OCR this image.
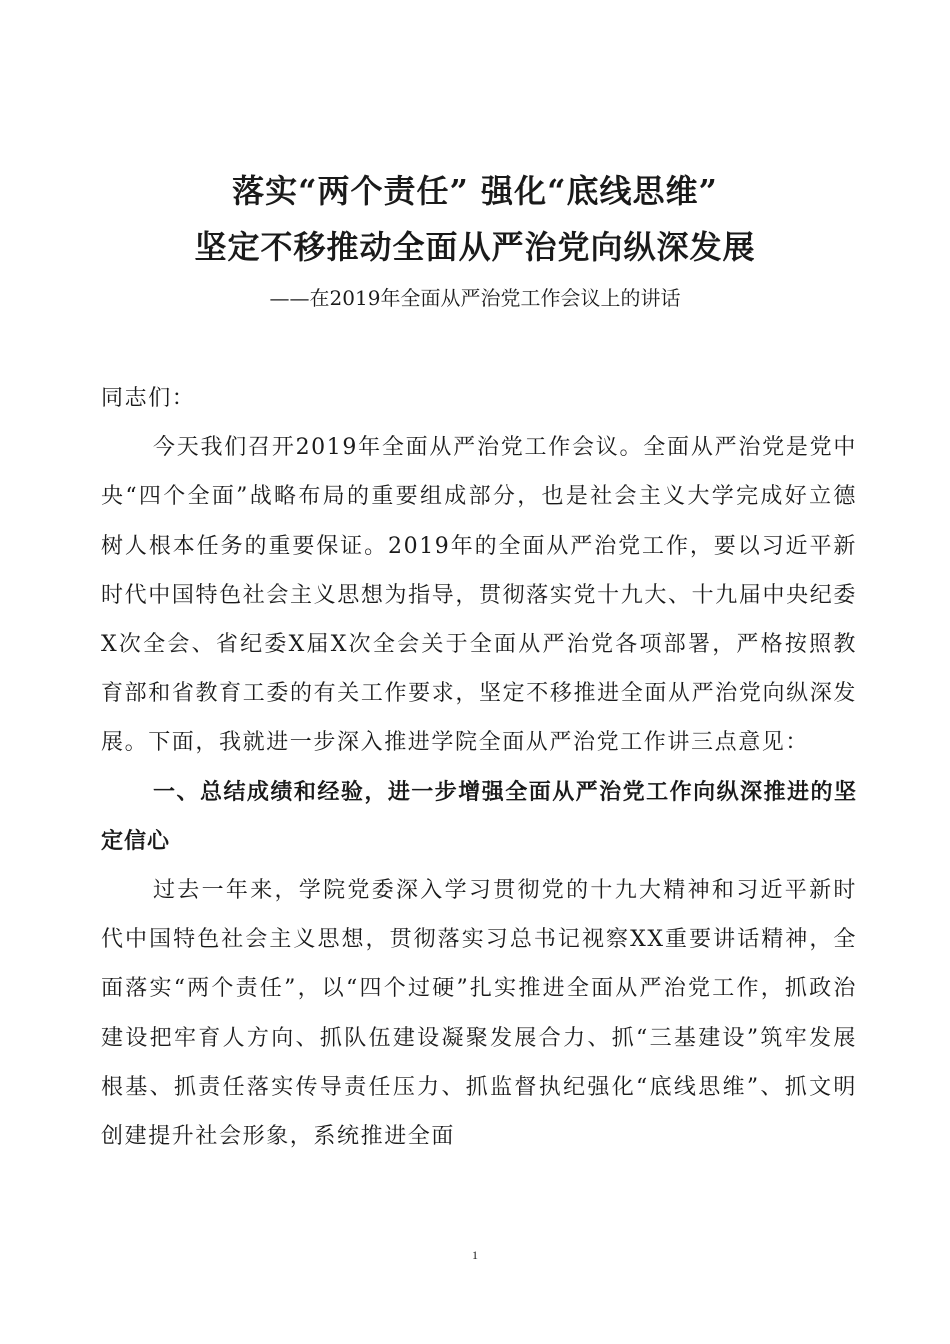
落实“两个责任” 强化“底线思维”
坚定不移推动全面从严治党向纵深发展
——在2019年全面从严治党工作会议上的讲话

同志们：

今天我们召开2019年全面从严治党工作会议。全面从严治党是党中央“四个全面”战略布局的重要组成部分，也是社会主义大学完成好立德树人根本任务的重要保证。2019年的全面从严治党工作，要以习近平新时代中国特色社会主义思想为指导，贯彻落实党十九大、十九届中央纪委X次全会、省纪委X届X次全会关于全面从严治党各项部署，严格按照教育部和省教育工委的有关工作要求，坚定不移推进全面从严治党向纵深发展。下面，我就进一步深入推进学院全面从严治党工作讲三点意见：

一、总结成绩和经验，进一步增强全面从严治党工作向纵深推进的坚定信心

过去一年来，学院党委深入学习贯彻党的十九大精神和习近平新时代中国特色社会主义思想，贯彻落实习总书记视察XX重要讲话精神，全面落实“两个责任”，以“四个过硬”扎实推进全面从严治党工作，抓政治建设把牢育人方向、抓队伍建设凝聚发展合力、抓“三基建设”筑牢发展根基、抓责任落实传导责任压力、抓监督执纪强化“底线思维”、抓文明创建提升社会形象，系统推进全面

1
